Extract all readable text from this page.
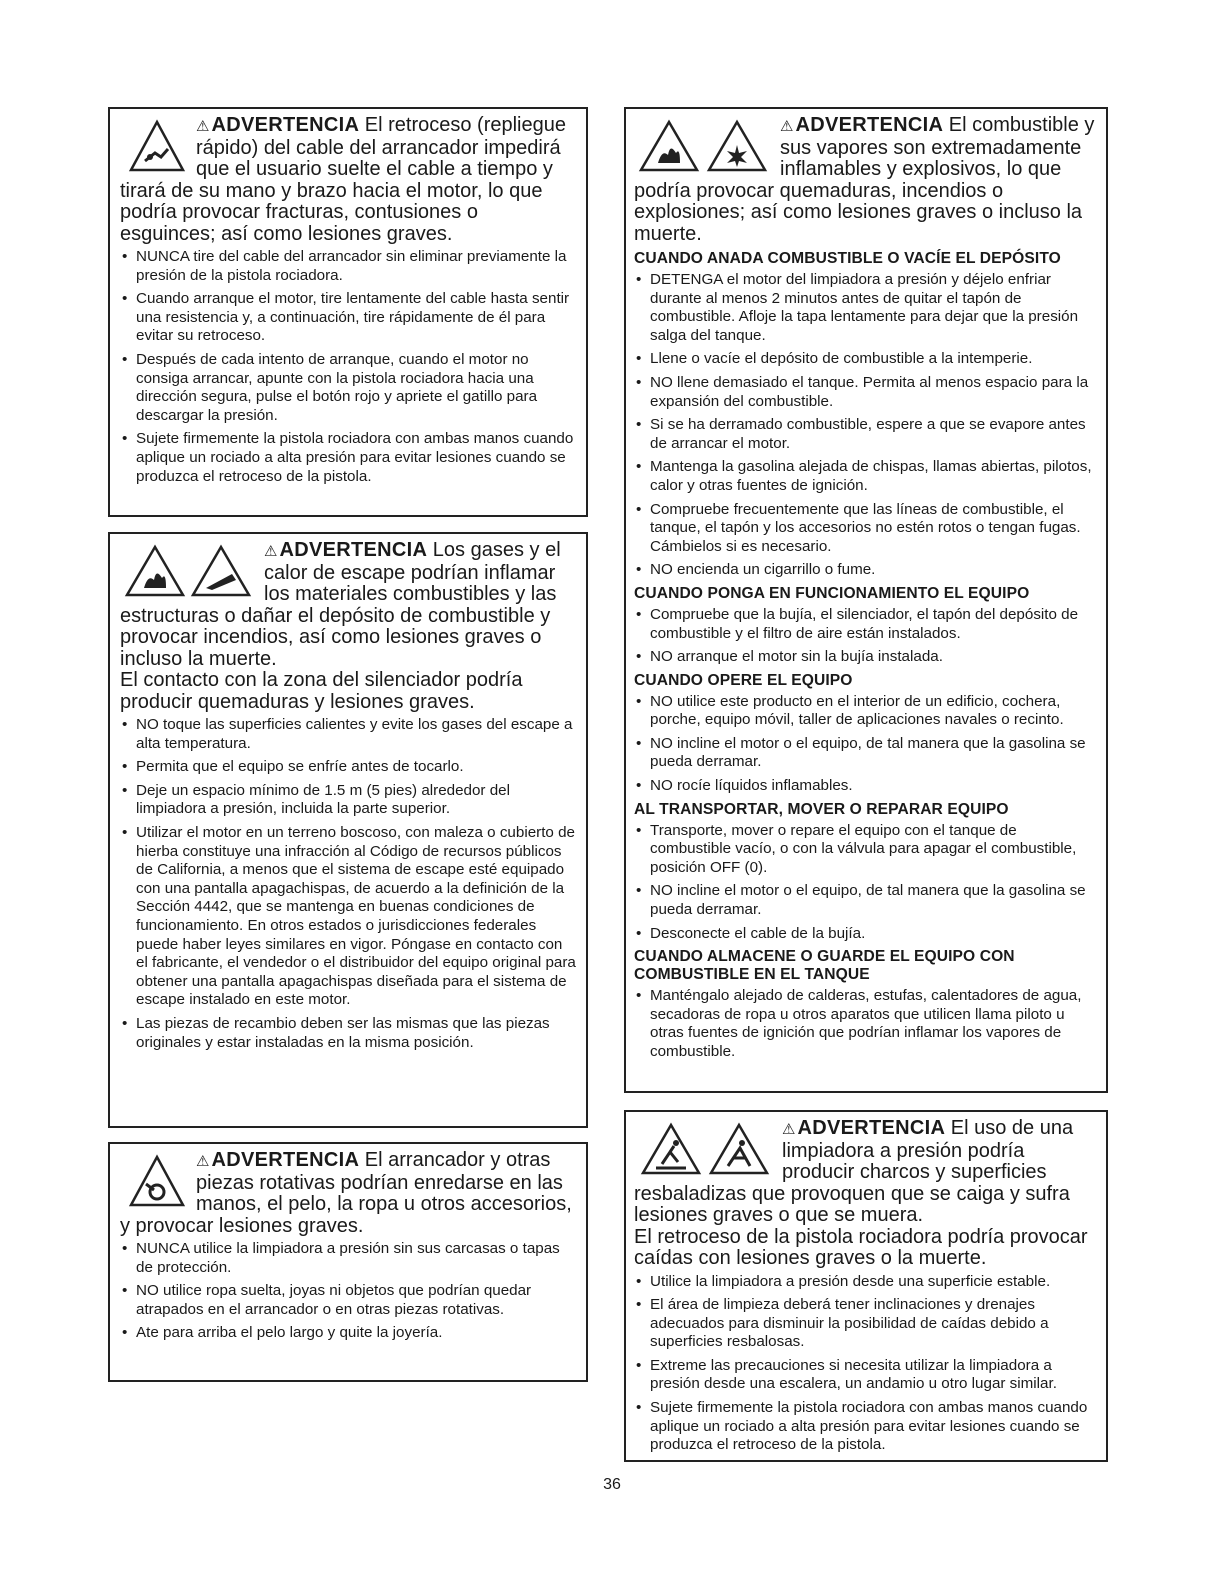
⚠ ADVERTENCIA El retroceso (repliegue rápido) del cable del arrancador impedirá que el usuario suelte el cable a tiempo y tirará de su mano y brazo hacia el motor, lo que podría provocar fracturas, contusiones o esguinces; así como lesiones graves.
• NUNCA tire del cable del arrancador sin eliminar previamente la presión de la pistola rociadora.
• Cuando arranque el motor, tire lentamente del cable hasta sentir una resistencia y, a continuación, tire rápidamente de él para evitar su retroceso.
• Después de cada intento de arranque, cuando el motor no consiga arrancar, apunte con la pistola rociadora hacia una dirección segura, pulse el botón rojo y apriete el gatillo para descargar la presión.
• Sujete firmemente la pistola rociadora con ambas manos cuando aplique un rociado a alta presión para evitar lesiones cuando se produzca el retroceso de la pistola.
⚠ ADVERTENCIA Los gases y el calor de escape podrían inflamar los materiales combustibles y las estructuras o dañar el depósito de combustible y provocar incendios, así como lesiones graves o incluso la muerte.
El contacto con la zona del silenciador podría producir quemaduras y lesiones graves.
• NO toque las superficies calientes y evite los gases del escape a alta temperatura.
• Permita que el equipo se enfríe antes de tocarlo.
• Deje un espacio mínimo de 1.5 m (5 pies) alrededor del limpiadora a presión, incluida la parte superior.
• Utilizar el motor en un terreno boscoso, con maleza o cubierto de hierba constituye una infracción al Código de recursos públicos de California, a menos que el sistema de escape esté equipado con una pantalla apagachispas, de acuerdo a la definición de la Sección 4442, que se mantenga en buenas condiciones de funcionamiento. En otros estados o jurisdicciones federales puede haber leyes similares en vigor. Póngase en contacto con el fabricante, el vendedor o el distribuidor del equipo original para obtener una pantalla apagachispas diseñada para el sistema de escape instalado en este motor.
• Las piezas de recambio deben ser las mismas que las piezas originales y estar instaladas en la misma posición.
⚠ ADVERTENCIA El arrancador y otras piezas rotativas podrían enredarse en las manos, el pelo, la ropa u otros accesorios, y provocar lesiones graves.
• NUNCA utilice la limpiadora a presión sin sus carcasas o tapas de protección.
• NO utilice ropa suelta, joyas ni objetos que podrían quedar atrapados en el arrancador o en otras piezas rotativas.
• Ate para arriba el pelo largo y quite la joyería.
⚠ ADVERTENCIA El combustible y sus vapores son extremadamente inflamables y explosivos, lo que podría provocar quemaduras, incendios o explosiones; así como lesiones graves o incluso la muerte.
CUANDO ANADA COMBUSTIBLE O VACÍE EL DEPÓSITO
• DETENGA el motor del limpiadora a presión y déjelo enfriar durante al menos 2 minutos antes de quitar el tapón de combustible. Afloje la tapa lentamente para dejar que la presión salga del tanque.
• Llene o vacíe el depósito de combustible a la intemperie.
• NO llene demasiado el tanque. Permita al menos espacio para la expansión del combustible.
• Si se ha derramado combustible, espere a que se evapore antes de arrancar el motor.
• Mantenga la gasolina alejada de chispas, llamas abiertas, pilotos, calor y otras fuentes de ignición.
• Compruebe frecuentemente que las líneas de combustible, el tanque, el tapón y los accesorios no estén rotos o tengan fugas. Cámbielos si es necesario.
• NO encienda un cigarrillo o fume.
CUANDO PONGA EN FUNCIONAMIENTO EL EQUIPO
• Compruebe que la bujía, el silenciador, el tapón del depósito de combustible y el filtro de aire están instalados.
• NO arranque el motor sin la bujía instalada.
CUANDO OPERE EL EQUIPO
• NO utilice este producto en el interior de un edificio, cochera, porche, equipo móvil, taller de aplicaciones navales o recinto.
• NO incline el motor o el equipo, de tal manera que la gasolina se pueda derramar.
• NO rocíe líquidos inflamables.
AL TRANSPORTAR, MOVER O REPARAR EQUIPO
• Transporte, mover o repare el equipo con el tanque de combustible vacío, o con la válvula para apagar el combustible, posición OFF (0).
• NO incline el motor o el equipo, de tal manera que la gasolina se pueda derramar.
• Desconecte el cable de la bujía.
CUANDO ALMACENE O GUARDE EL EQUIPO CON COMBUSTIBLE EN EL TANQUE
• Manténgalo alejado de calderas, estufas, calentadores de agua, secadoras de ropa u otros aparatos que utilicen llama piloto u otras fuentes de ignición que podrían inflamar los vapores de combustible.
⚠ ADVERTENCIA El uso de una limpiadora a presión podría producir charcos y superficies resbaladizas que provoquen que se caiga y sufra lesiones graves o que se muera.
El retroceso de la pistola rociadora podría provocar caídas con lesiones graves o la muerte.
• Utilice la limpiadora a presión desde una superficie estable.
• El área de limpieza deberá tener inclinaciones y drenajes adecuados para disminuir la posibilidad de caídas debido a superficies resbalosas.
• Extreme las precauciones si necesita utilizar la limpiadora a presión desde una escalera, un andamio u otro lugar similar.
• Sujete firmemente la pistola rociadora con ambas manos cuando aplique un rociado a alta presión para evitar lesiones cuando se produzca el retroceso de la pistola.
36
